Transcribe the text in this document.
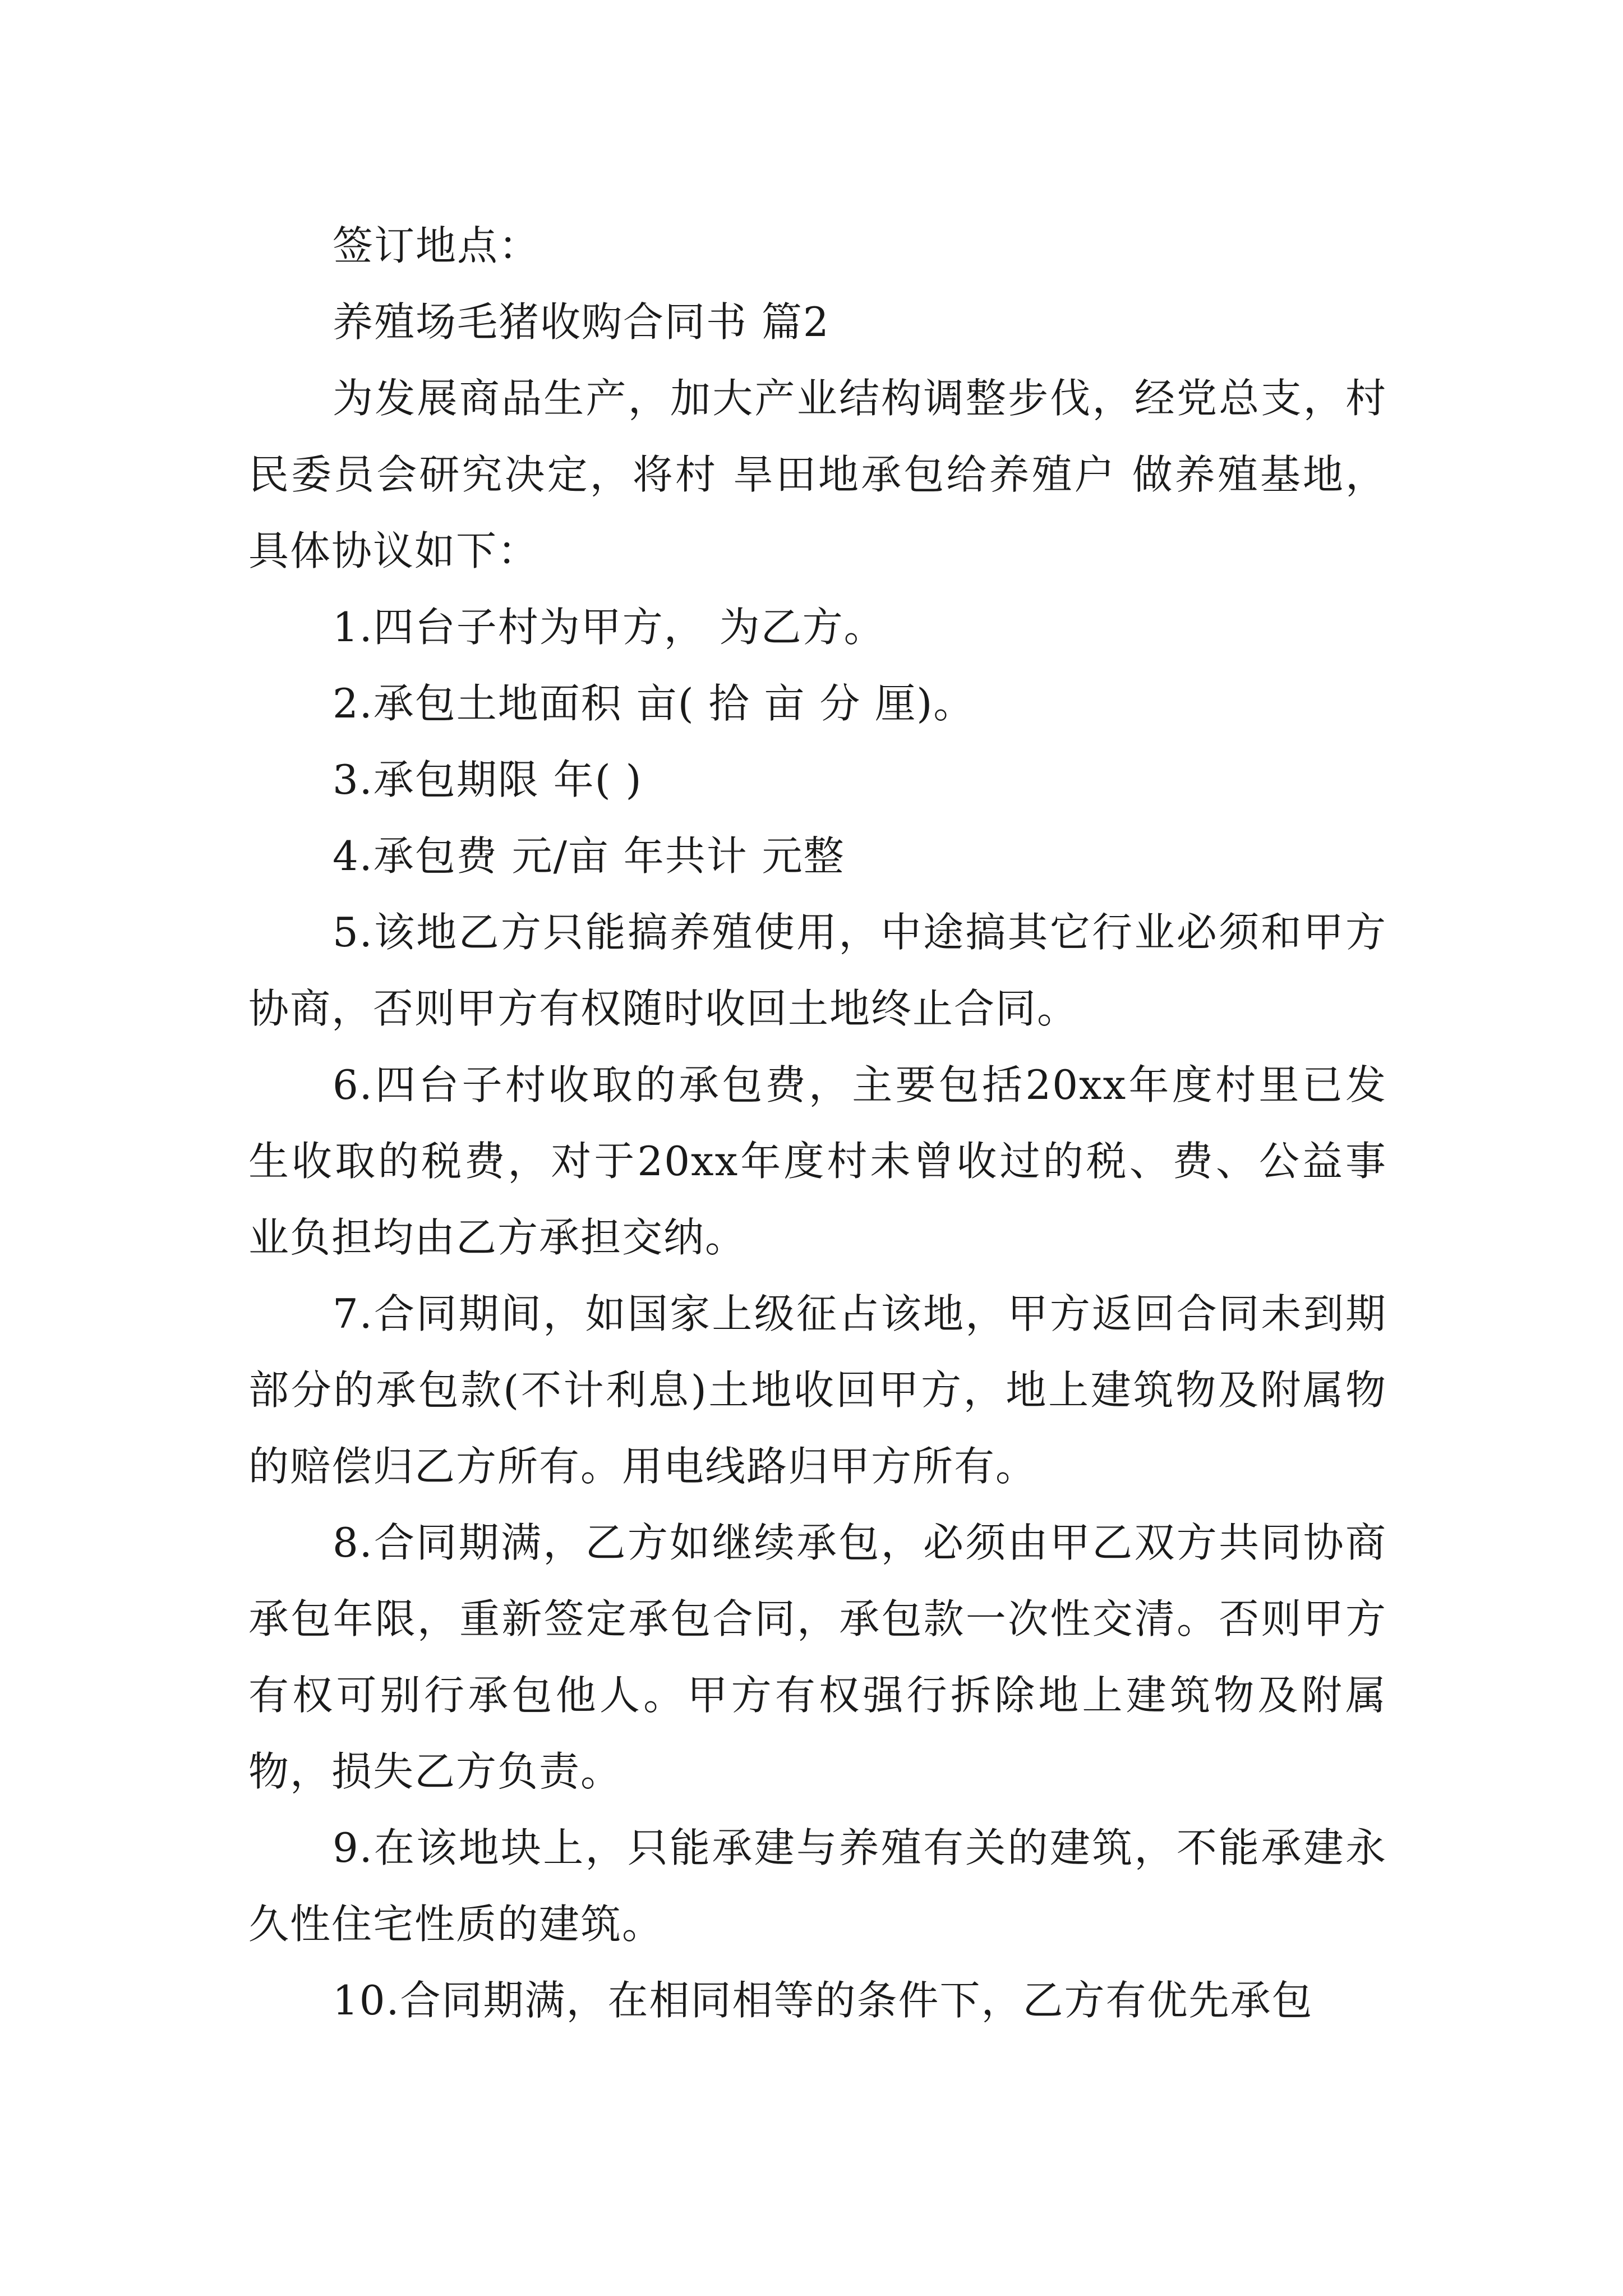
签订地点：

养殖场毛猪收购合同书 篇2

为发展商品生产，加大产业结构调整步伐，经党总支，村民委员会研究决定，将村 旱田地承包给养殖户 做养殖基地，具体协议如下：

1.四台子村为甲方， 为乙方。

2.承包土地面积 亩( 拾 亩 分 厘)。

3.承包期限 年( )

4.承包费 元/亩 年共计 元整

5.该地乙方只能搞养殖使用，中途搞其它行业必须和甲方协商，否则甲方有权随时收回土地终止合同。

6.四台子村收取的承包费，主要包括20xx年度村里已发生收取的税费，对于20xx年度村未曾收过的税、费、公益事业负担均由乙方承担交纳。

7.合同期间，如国家上级征占该地，甲方返回合同未到期部分的承包款(不计利息)土地收回甲方，地上建筑物及附属物的赔偿归乙方所有。用电线路归甲方所有。

8.合同期满，乙方如继续承包，必须由甲乙双方共同协商承包年限，重新签定承包合同，承包款一次性交清。否则甲方有权可别行承包他人。甲方有权强行拆除地上建筑物及附属物，损失乙方负责。

9.在该地块上，只能承建与养殖有关的建筑，不能承建永久性住宅性质的建筑。

10.合同期满，在相同相等的条件下，乙方有优先承包
